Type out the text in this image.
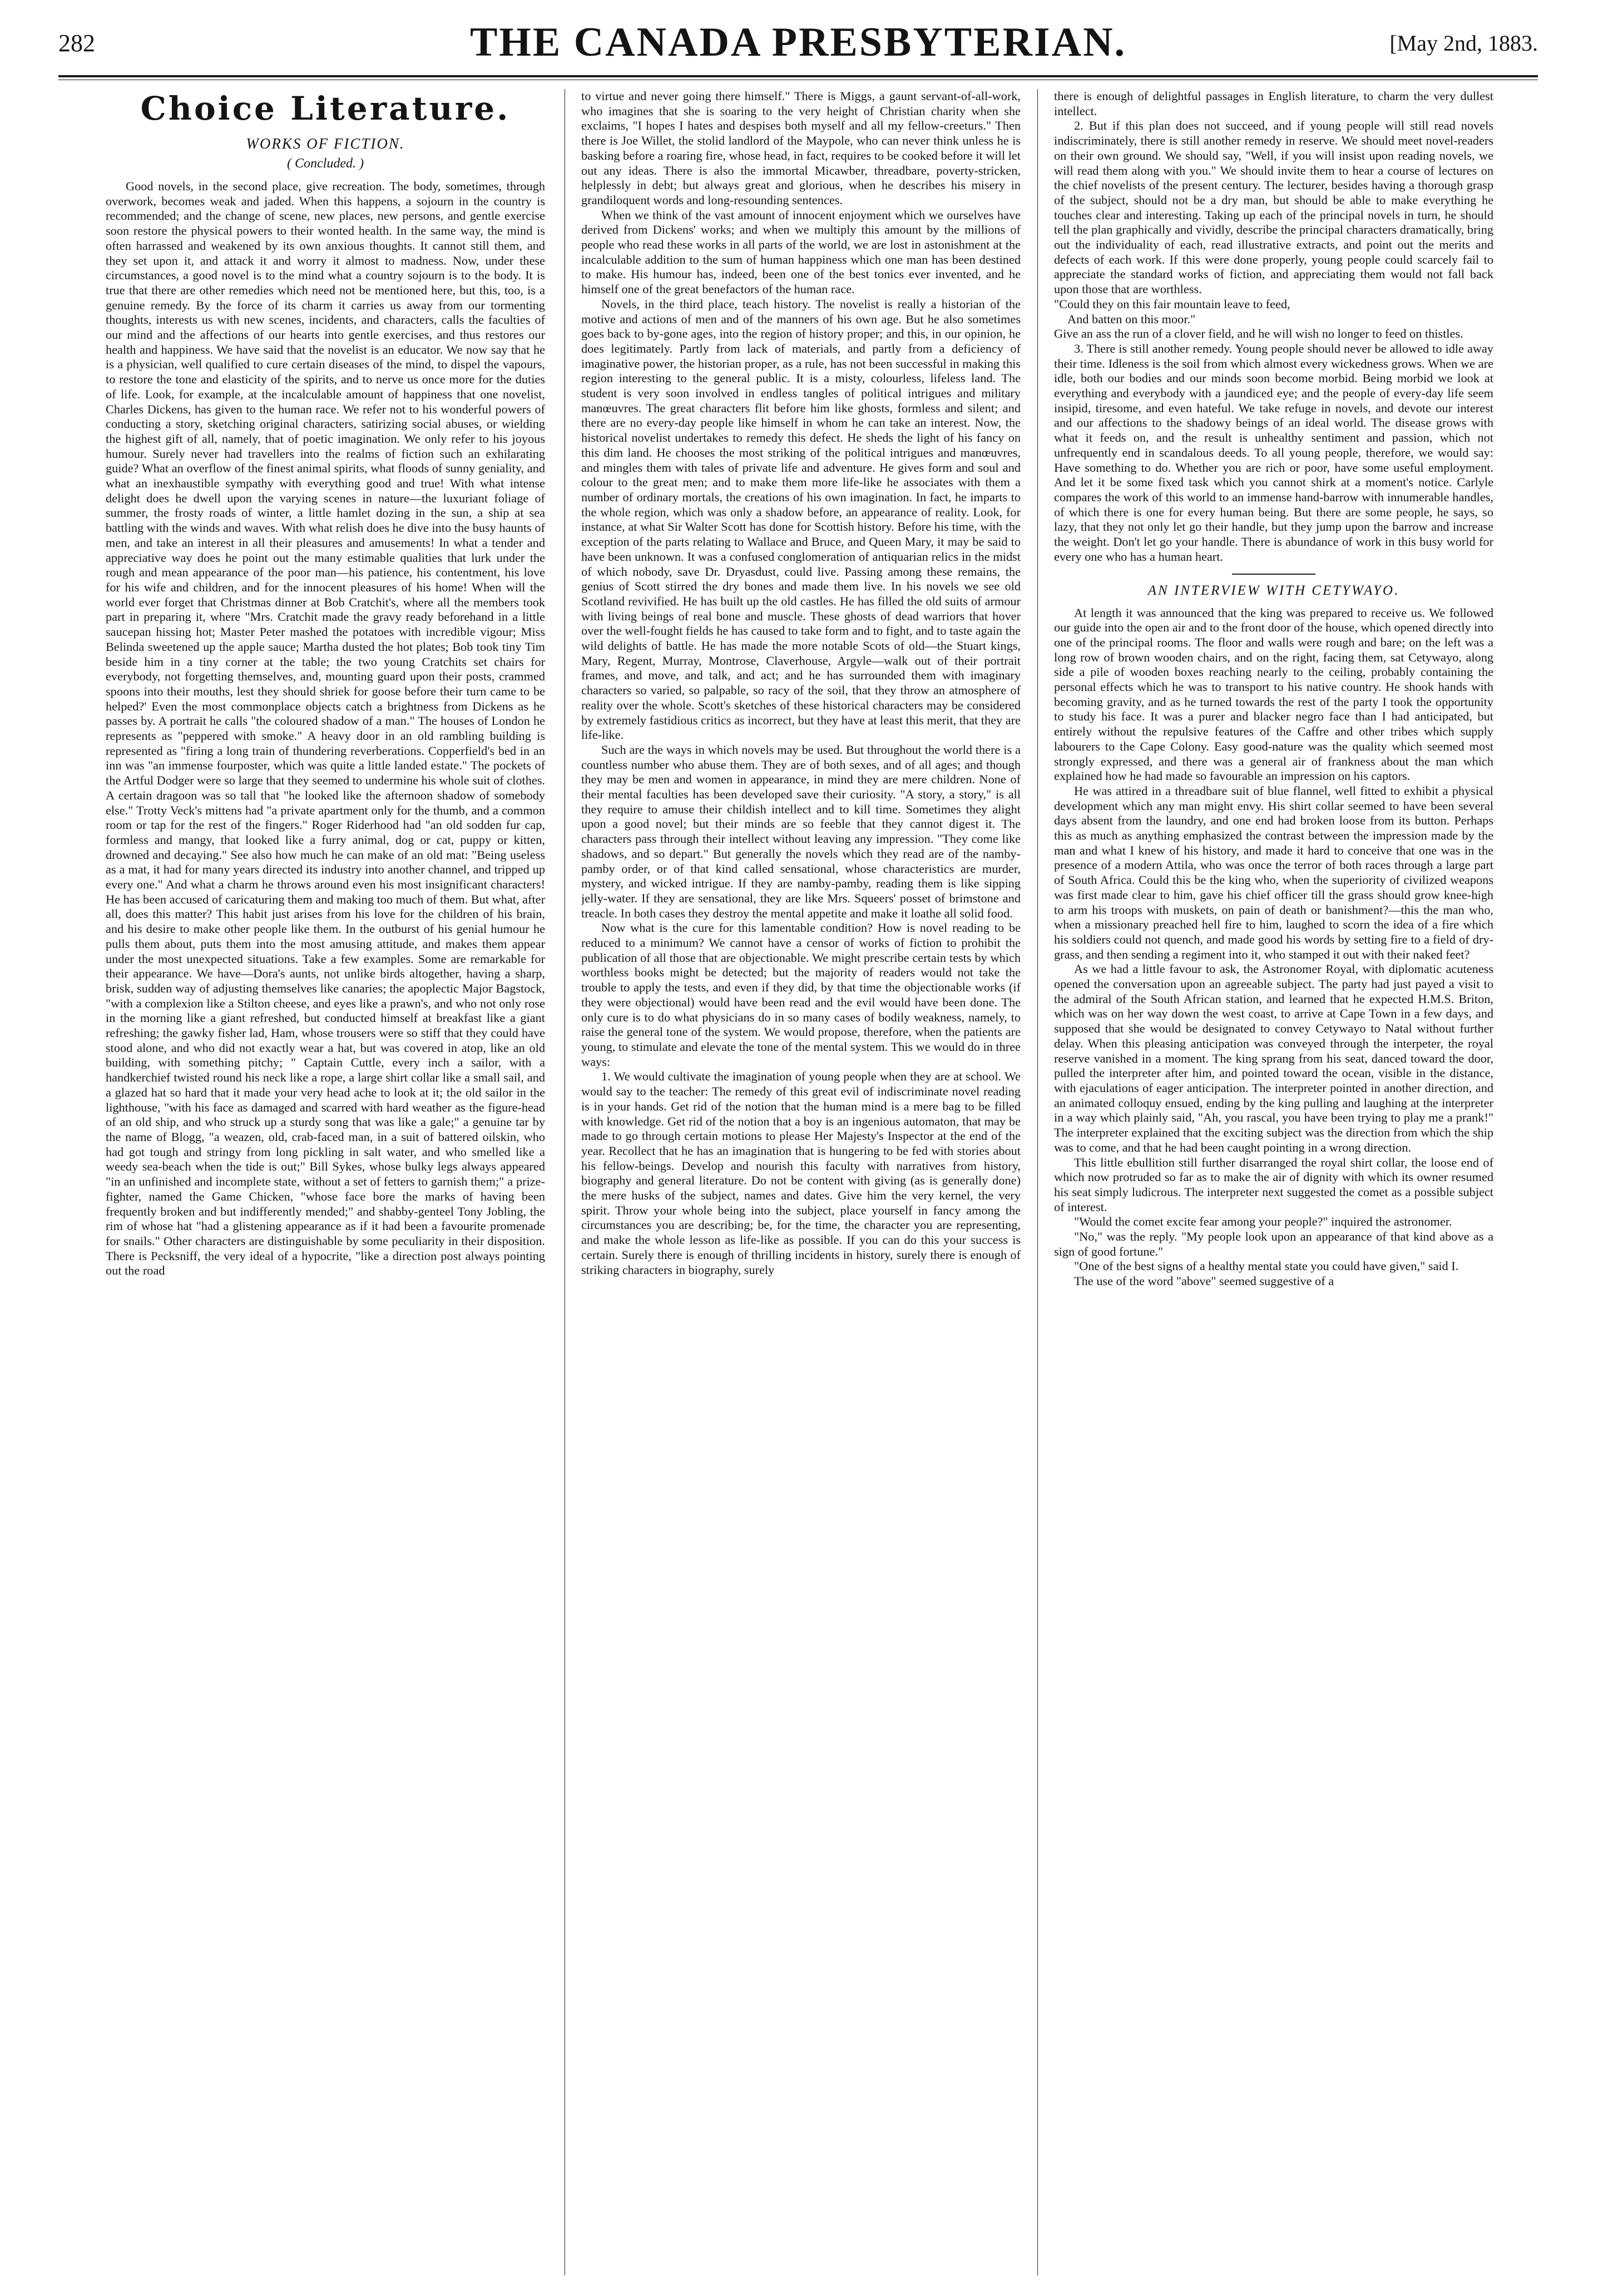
282	THE CANADA PRESBYTERIAN.	[May 2nd, 1883.
Choice Literature.
WORKS OF FICTION.
( Concluded. )

Good novels, in the second place, give recreation. The body, sometimes, through overwork, becomes weak and jaded. When this happens, a sojourn in the country is recommended; and the change of scene, new places, new persons, and gentle exercise soon restore the physical powers to their wonted health. In the same way, the mind is often harrassed and weakened by its own anxious thoughts. It cannot still them, and they set upon it, and attack it and worry it almost to madness. Now, under these circumstances, a good novel is to the mind what a country sojourn is to the body. It is true that there are other remedies which need not be mentioned here, but this, too, is a genuine remedy. By the force of its charm it carries us away from our tormenting thoughts, interests us with new scenes, incidents, and characters, calls the faculties of our mind and the affections of our hearts into gentle exercises, and thus restores our health and happiness. We have said that the novelist is an educator. We now say that he is a physician, well qualified to cure certain diseases of the mind, to dispel the vapours, to restore the tone and elasticity of the spirits, and to nerve us once more for the duties of life. Look, for example, at the incalculable amount of happiness that one novelist, Charles Dickens, has given to the human race. We refer not to his wonderful powers of conducting a story, sketching original characters, satirizing social abuses, or wielding the highest gift of all, namely, that of poetic imagination. We only refer to his joyous humour. Surely never had travellers into the realms of fiction such an exhilarating guide? What an overflow of the finest animal spirits, what floods of sunny geniality, and what an inexhaustible sympathy with everything good and true! With what intense delight does he dwell upon the varying scenes in nature—the luxuriant foliage of summer, the frosty roads of winter, a little hamlet dozing in the sun, a ship at sea battling with the winds and waves. With what relish does he dive into the busy haunts of men, and take an interest in all their pleasures and amusements! In what a tender and appreciative way does he point out the many estimable qualities that lurk under the rough and mean appearance of the poor man—his patience, his contentment, his love for his wife and children, and for the innocent pleasures of his home! When will the world ever forget that Christmas dinner at Bob Cratchit's, where all the members took part in preparing it, where "Mrs. Cratchit made the gravy ready beforehand in a little saucepan hissing hot; Master Peter mashed the potatoes with incredible vigour; Miss Belinda sweetened up the apple sauce; Martha dusted the hot plates; Bob took tiny Tim beside him in a tiny corner at the table; the two young Cratchits set chairs for everybody, not forgetting themselves, and, mounting guard upon their posts, crammed spoons into their mouths, lest they should shriek for goose before their turn came to be helped?' Even the most commonplace objects catch a brightness from Dickens as he passes by. A portrait he calls "the coloured shadow of a man." The houses of London he represents as "peppered with smoke." A heavy door in an old rambling building is represented as "firing a long train of thundering reverberations. Copperfield's bed in an inn was "an immense fourposter, which was quite a little landed estate." The pockets of the Artful Dodger were so large that they seemed to undermine his whole suit of clothes. A certain dragoon was so tall that "he looked like the afternoon shadow of somebody else." Trotty Veck's mittens had "a private apartment only for the thumb, and a common room or tap for the rest of the fingers." Roger Riderhood had "an old sodden fur cap, formless and mangy, that looked like a furry animal, dog or cat, puppy or kitten, drowned and decaying." See also how much he can make of an old mat: "Being useless as a mat, it had for many years directed its industry into another channel, and tripped up every one." And what a charm he throws around even his most insignificant characters! He has been accused of caricaturing them and making too much of them. But what, after all, does this matter? This habit just arises from his love for the children of his brain, and his desire to make other people like them. In the outburst of his genial humour he pulls them about, puts them into the most amusing attitude, and makes them appear under the most unexpected situations. Take a few examples. Some are remarkable for their appearance. We have—Dora's aunts, not unlike birds altogether, having a sharp, brisk, sudden way of adjusting themselves like canaries; the apoplectic Major Bagstock, "with a complexion like a Stilton cheese, and eyes like a prawn's, and who not only rose in the morning like a giant refreshed, but conducted himself at breakfast like a giant refreshing; the gawky fisher lad, Ham, whose trousers were so stiff that they could have stood alone, and who did not exactly wear a hat, but was covered in atop, like an old building, with something pitchy; " Captain Cuttle, every inch a sailor, with a handkerchief twisted round his neck like a rope, a large shirt collar like a small sail, and a glazed hat so hard that it made your very head ache to look at it; the old sailor in the lighthouse, "with his face as damaged and scarred with hard weather as the figure-head of an old ship, and who struck up a sturdy song that was like a gale;" a genuine tar by the name of Blogg, "a weazen, old, crab-faced man, in a suit of battered oilskin, who had got tough and stringy from long pickling in salt water, and who smelled like a weedy sea-beach when the tide is out;" Bill Sykes, whose bulky legs always appeared "in an unfinished and incomplete state, without a set of fetters to garnish them;" a prize-fighter, named the Game Chicken, "whose face bore the marks of having been frequently broken and but indifferently mended;" and shabby-genteel Tony Jobling, the rim of whose hat "had a glistening appearance as if it had been a favourite promenade for snails." Other characters are distinguishable by some peculiarity in their disposition. There is Pecksniff, the very ideal of a hypocrite, "like a direction post always pointing out the road

to virtue and never going there himself." There is Miggs, a gaunt servant-of-all-work, who imagines that she is soaring to the very height of Christian charity when she exclaims, "I hopes I hates and despises both myself and all my fellow-creeturs." Then there is Joe Willet, the stolid landlord of the Maypole, who can never think unless he is basking before a roaring fire, whose head, in fact, requires to be cooked before it will let out any ideas. There is also the immortal Micawber, threadbare, poverty-stricken, helplessly in debt; but always great and glorious, when he describes his misery in grandiloquent words and long-resounding sentences.

When we think of the vast amount of innocent enjoyment which we ourselves have derived from Dickens' works; and when we multiply this amount by the millions of people who read these works in all parts of the world, we are lost in astonishment at the incalculable addition to the sum of human happiness which one man has been destined to make. His humour has, indeed, been one of the best tonics ever invented, and he himself one of the great benefactors of the human race.

Novels, in the third place, teach history. The novelist is really a historian of the motive and actions of men and of the manners of his own age. But he also sometimes goes back to by-gone ages, into the region of history proper; and this, in our opinion, he does legitimately. Partly from lack of materials, and partly from a deficiency of imaginative power, the historian proper, as a rule, has not been successful in making this region interesting to the general public. It is a misty, colourless, lifeless land. The student is very soon involved in endless tangles of political intrigues and military manœuvres. The great characters flit before him like ghosts, formless and silent; and there are no every-day people like himself in whom he can take an interest. Now, the historical novelist undertakes to remedy this defect. He sheds the light of his fancy on this dim land. He chooses the most striking of the political intrigues and manœuvres, and mingles them with tales of private life and adventure. He gives form and soul and colour to the great men; and to make them more life-like he associates with them a number of ordinary mortals, the creations of his own imagination. In fact, he imparts to the whole region, which was only a shadow before, an appearance of reality. Look, for instance, at what Sir Walter Scott has done for Scottish history. Before his time, with the exception of the parts relating to Wallace and Bruce, and Queen Mary, it may be said to have been unknown. It was a confused conglomeration of antiquarian relics in the midst of which nobody, save Dr. Dryasdust, could live. Passing among these remains, the genius of Scott stirred the dry bones and made them live. In his novels we see old Scotland revivified. He has built up the old castles. He has filled the old suits of armour with living beings of real bone and muscle. These ghosts of dead warriors that hover over the well-fought fields he has caused to take form and to fight, and to taste again the wild delights of battle. He has made the more notable Scots of old—the Stuart kings, Mary, Regent, Murray, Montrose, Claverhouse, Argyle—walk out of their portrait frames, and move, and talk, and act; and he has surrounded them with imaginary characters so varied, so palpable, so racy of the soil, that they throw an atmosphere of reality over the whole. Scott's sketches of these historical characters may be considered by extremely fastidious critics as incorrect, but they have at least this merit, that they are life-like.

Such are the ways in which novels may be used. But throughout the world there is a countless number who abuse them. They are of both sexes, and of all ages; and though they may be men and women in appearance, in mind they are mere children. None of their mental faculties has been developed save their curiosity. "A story, a story," is all they require to amuse their childish intellect and to kill time. Sometimes they alight upon a good novel; but their minds are so feeble that they cannot digest it. The characters pass through their intellect without leaving any impression. "They come like shadows, and so depart." But generally the novels which they read are of the namby-pamby order, or of that kind called sensational, whose characteristics are murder, mystery, and wicked intrigue. If they are namby-pamby, reading them is like sipping jelly-water. If they are sensational, they are like Mrs. Squeers' posset of brimstone and treacle. In both cases they destroy the mental appetite and make it loathe all solid food.

Now what is the cure for this lamentable condition? How is novel reading to be reduced to a minimum? We cannot have a censor of works of fiction to prohibit the publication of all those that are objectionable. We might prescribe certain tests by which worthless books might be detected; but the majority of readers would not take the trouble to apply the tests, and even if they did, by that time the objectionable works (if they were objectional) would have been read and the evil would have been done. The only cure is to do what physicians do in so many cases of bodily weakness, namely, to raise the general tone of the system. We would propose, therefore, when the patients are young, to stimulate and elevate the tone of the mental system. This we would do in three ways:

1. We would cultivate the imagination of young people when they are at school. We would say to the teacher: The remedy of this great evil of indiscriminate novel reading is in your hands. Get rid of the notion that the human mind is a mere bag to be filled with knowledge. Get rid of the notion that a boy is an ingenious automaton, that may be made to go through certain motions to please Her Majesty's Inspector at the end of the year. Recollect that he has an imagination that is hungering to be fed with stories about his fellow-beings. Develop and nourish this faculty with narratives from history, biography and general literature. Do not be content with giving (as is generally done) the mere husks of the subject, names and dates. Give him the very kernel, the very spirit. Throw your whole being into the subject, place yourself in fancy among the circumstances you are describing; be, for the time, the character you are representing, and make the whole lesson as life-like as possible. If you can do this your success is certain. Surely there is enough of thrilling incidents in history, surely there is enough of striking characters in biography, surely

there is enough of delightful passages in English literature, to charm the very dullest intellect.

2. But if this plan does not succeed, and if young people will still read novels indiscriminately, there is still another remedy in reserve. We should meet novel-readers on their own ground. We should say, "Well, if you will insist upon reading novels, we will read them along with you." We should invite them to hear a course of lectures on the chief novelists of the present century. The lecturer, besides having a thorough grasp of the subject, should not be a dry man, but should be able to make everything he touches clear and interesting. Taking up each of the principal novels in turn, he should tell the plan graphically and vividly, describe the principal characters dramatically, bring out the individuality of each, read illustrative extracts, and point out the merits and defects of each work. If this were done properly, young people could scarcely fail to appreciate the standard works of fiction, and appreciating them would not fall back upon those that are worthless.

"Could they on this fair mountain leave to feed,
And batten on this moor."

Give an ass the run of a clover field, and he will wish no longer to feed on thistles.

3. There is still another remedy. Young people should never be allowed to idle away their time. Idleness is the soil from which almost every wickedness grows. When we are idle, both our bodies and our minds soon become morbid. Being morbid we look at everything and everybody with a jaundiced eye; and the people of every-day life seem insipid, tiresome, and even hateful. We take refuge in novels, and devote our interest and our affections to the shadowy beings of an ideal world. The disease grows with what it feeds on, and the result is unhealthy sentiment and passion, which not unfrequently end in scandalous deeds. To all young people, therefore, we would say: Have something to do. Whether you are rich or poor, have some useful employment. And let it be some fixed task which you cannot shirk at a moment's notice. Carlyle compares the work of this world to an immense hand-barrow with innumerable handles, of which there is one for every human being. But there are some people, he says, so lazy, that they not only let go their handle, but they jump upon the barrow and increase the weight. Don't let go your handle. There is abundance of work in this busy world for every one who has a human heart.

AN INTERVIEW WITH CETYWAYO.

At length it was announced that the king was prepared to receive us. We followed our guide into the open air and to the front door of the house, which opened directly into one of the principal rooms. The floor and walls were rough and bare; on the left was a long row of brown wooden chairs, and on the right, facing them, sat Cetywayo, along side a pile of wooden boxes reaching nearly to the ceiling, probably containing the personal effects which he was to transport to his native country. He shook hands with becoming gravity, and as he turned towards the rest of the party I took the opportunity to study his face. It was a purer and blacker negro face than I had anticipated, but entirely without the repulsive features of the Caffre and other tribes which supply labourers to the Cape Colony. Easy good-nature was the quality which seemed most strongly expressed, and there was a general air of frankness about the man which explained how he had made so favourable an impression on his captors.

He was attired in a threadbare suit of blue flannel, well fitted to exhibit a physical development which any man might envy. His shirt collar seemed to have been several days absent from the laundry, and one end had broken loose from its button. Perhaps this as much as anything emphasized the contrast between the impression made by the man and what I knew of his history, and made it hard to conceive that one was in the presence of a modern Attila, who was once the terror of both races through a large part of South Africa. Could this be the king who, when the superiority of civilized weapons was first made clear to him, gave his chief officer till the grass should grow knee-high to arm his troops with muskets, on pain of death or banishment?—this the man who, when a missionary preached hell fire to him, laughed to scorn the idea of a fire which his soldiers could not quench, and made good his words by setting fire to a field of dry-grass, and then sending a regiment into it, who stamped it out with their naked feet?

As we had a little favour to ask, the Astronomer Royal, with diplomatic acuteness opened the conversation upon an agreeable subject. The party had just payed a visit to the admiral of the South African station, and learned that he expected H.M.S. Briton, which was on her way down the west coast, to arrive at Cape Town in a few days, and supposed that she would be designated to convey Cetywayo to Natal without further delay. When this pleasing anticipation was conveyed through the interpeter, the royal reserve vanished in a moment. The king sprang from his seat, danced toward the door, pulled the interpreter after him, and pointed toward the ocean, visible in the distance, with ejaculations of eager anticipation. The interpreter pointed in another direction, and an animated colloquy ensued, ending by the king pulling and laughing at the interpreter in a way which plainly said, "Ah, you rascal, you have been trying to play me a prank!" The interpreter explained that the exciting subject was the direction from which the ship was to come, and that he had been caught pointing in a wrong direction.

This little ebullition still further disarranged the royal shirt collar, the loose end of which now protruded so far as to make the air of dignity with which its owner resumed his seat simply ludicrous. The interpreter next suggested the comet as a possible subject of interest.

"Would the comet excite fear among your people?" inquired the astronomer.

"No," was the reply. "My people look upon an appearance of that kind above as a sign of good fortune."

"One of the best signs of a healthy mental state you could have given," said I.

The use of the word "above" seemed suggestive of a
